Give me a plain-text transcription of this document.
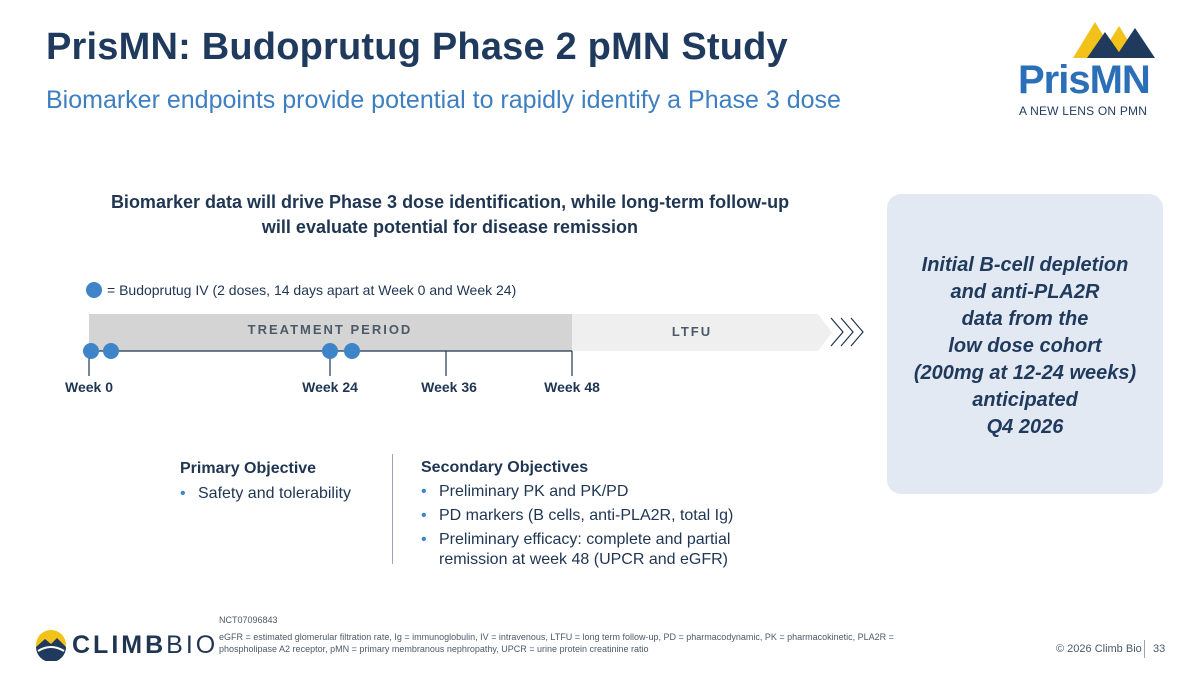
PrisMN: Budoprutug Phase 2 pMN Study
Biomarker endpoints provide potential to rapidly identify a Phase 3 dose	PrisMN
A NEW LENS ON PMN
Biomarker data will drive Phase 3 dose identification, while long-term follow-up will evaluate potential for disease remission
= Budoprutug IV (2 doses, 14 days apart at Week 0 and Week 24)
TREATMENT PERIOD	LTFU
Week 0	Week 24	Week 36	Week 48
Initial B-cell depletion
and anti-PLA2R
data from the
low dose cohort
(200mg at 12-24 weeks)
anticipated
Q4 2026
Primary Objective
• Safety and tolerability
Secondary Objectives
• Preliminary PK and PK/PD
• PD markers (B cells, anti-PLA2R, total Ig)
• Preliminary efficacy: complete and partial remission at week 48 (UPCR and eGFR)
CLIMBBIO
NCT07096843
eGFR = estimated glomerular filtration rate, Ig = immunoglobulin, IV = intravenous, LTFU = long term follow-up, PD = pharmacodynamic, PK = pharmacokinetic, PLA2R = phospholipase A2 receptor, pMN = primary membranous nephropathy, UPCR = urine protein creatinine ratio	© 2026 Climb Bio 33
